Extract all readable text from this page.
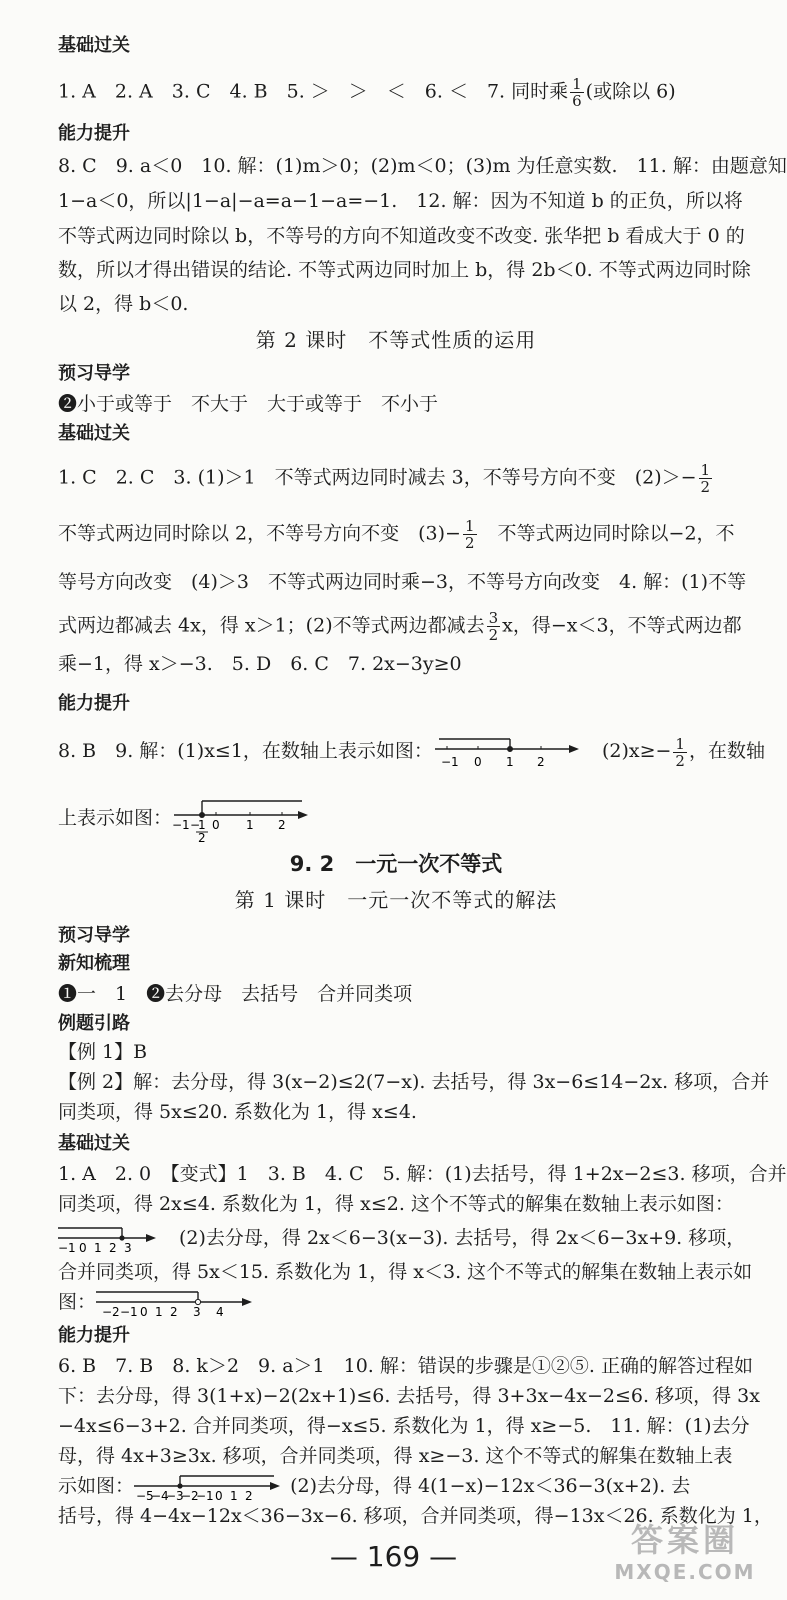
基础过关
1. A　2. A　3. C　4. B　5. ＞　＞　＜　6. ＜　7. 同时乘 $\frac{1}{6}$ (或除以 6)
能力提升
8. C　9. a＜0　10. 解：(1)m＞0；(2)m＜0；(3)m 为任意实数.　11. 解：由题意知
1−a＜0，所以|1−a|−a=a−1−a=−1.　12. 解：因为不知道 b 的正负，所以将
不等式两边同时除以 b，不等号的方向不知道改变不改变. 张华把 b 看成大于 0 的
数，所以才得出错误的结论. 不等式两边同时加上 b，得 2b＜0. 不等式两边同时除
以 2，得 b＜0.
第 2 课时　不等式性质的运用
预习导学
❷小于或等于　不大于　大于或等于　不小于
基础过关
1. C　2. C　3. (1)＞1　不等式两边同时减去 3，不等号方向不变　$(2)>- \frac{1}{2}$
不等式两边同时除以 2，不等号方向不变　$(3)- \frac{1}{2}$
　 不等式两边同时除以−2，不
等号方向改变　(4)＞3　不等式两边同时乘−3，不等号方向改变　4. 解：(1)不等
式两边都减去 4x，得 x＞1；(2)不等式两边都减去 $\frac{3}{2}$ x，得−x＜3，不等式两边都
乘−1，得 x＞−3.　5. D　6. C　7. 2x−3y≥0
能力提升
8. B　9. 解：(1)x≤1，在数轴上表示如图： −1 0 1 2
　	$(2)x\ge- \frac{1}{2}$ ，在数轴
上表示如图： −1 −
1
2
0 1 2
9. 2　一元一次不等式
第 1 课时　一元一次不等式的解法
预习导学
新知梳理
❶一　1　❷去分母　去括号　合并同类项
例题引路
【例 1】B
【例 2】解：去分母，得 3(x−2)≤2(7−x). 去括号，得 3x−6≤14−2x. 移项，合并
同类项，得 5x≤20. 系数化为 1，得 x≤4.
基础过关
1. A　2. 0　【变式】1　3. B　4. C　5. 解：(1)去括号，得 1+2x−2≤3. 移项，合并
同类项，得 2x≤4. 系数化为 1，得 x≤2. 这个不等式的解集在数轴上表示如图：
−1 0 1 2 3
　 (2)去分母，得 2x＜6−3(x−3). 去括号，得 2x＜6−3x+9. 移项，
合并同类项，得 5x＜15. 系数化为 1，得 x＜3. 这个不等式的解集在数轴上表示如
图： −2 −1 0 1 2 3 4
能力提升
6. B　7. B　8. k＞2　9. a＞1　10. 解：错误的步骤是①②⑤. 正确的解答过程如
下：去分母，得 3(1+x)−2(2x+1)≤6. 去括号，得 3+3x−4x−2≤6. 移项，得 3x
−4x≤6−3+2. 合并同类项，得−x≤5. 系数化为 1，得 x≥−5.　11. 解：(1)去分
母，得 4x+3≥3x. 移项，合并同类项，得 x≥−3. 这个不等式的解集在数轴上表
示如图： −5
−4
−3
−2
−1 0 1 2 (2)去分母，得 4(1−x)−12x＜36−3(x+2). 去
括号，得 4−4x−12x＜36−3x−6. 移项，合并同类项，得−13x＜26. 系数化为 1，
— 169 —	答案圈
MXQE.COM
